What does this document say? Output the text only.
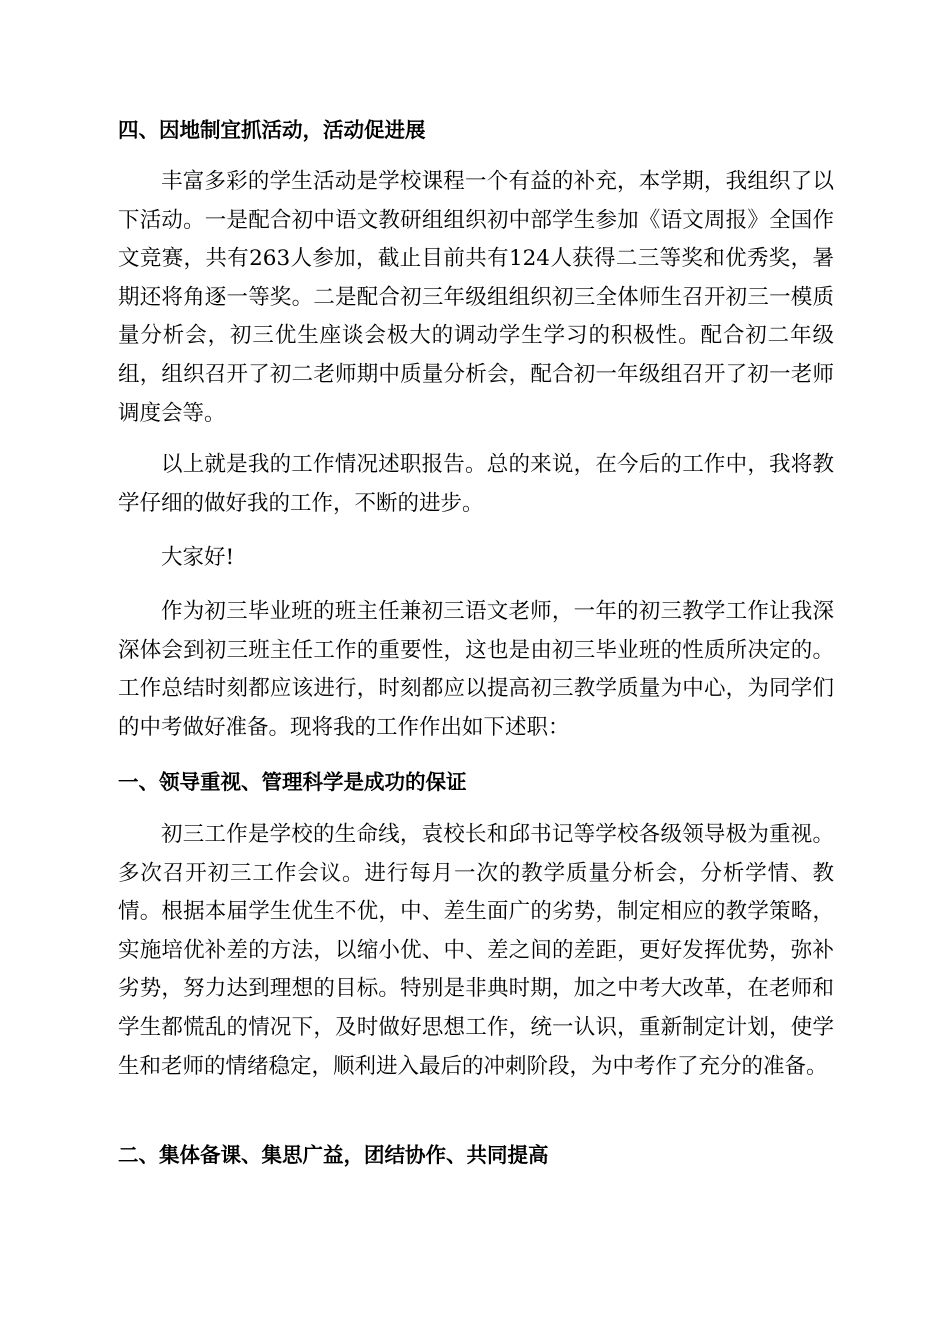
四、因地制宜抓活动，活动促进展

丰富多彩的学生活动是学校课程一个有益的补充，本学期，我组织了以下活动。一是配合初中语文教研组组织初中部学生参加《语文周报》全国作文竞赛，共有263人参加，截止目前共有124人获得二三等奖和优秀奖，暑期还将角逐一等奖。二是配合初三年级组组织初三全体师生召开初三一模质量分析会，初三优生座谈会极大的调动学生学习的积极性。配合初二年级组，组织召开了初二老师期中质量分析会，配合初一年级组召开了初一老师调度会等。

以上就是我的工作情况述职报告。总的来说，在今后的工作中，我将教学仔细的做好我的工作，不断的进步。

大家好!

作为初三毕业班的班主任兼初三语文老师，一年的初三教学工作让我深深体会到初三班主任工作的重要性，这也是由初三毕业班的性质所决定的。工作总结时刻都应该进行，时刻都应以提高初三教学质量为中心，为同学们的中考做好准备。现将我的工作作出如下述职：

一、领导重视、管理科学是成功的保证

初三工作是学校的生命线，袁校长和邱书记等学校各级领导极为重视。多次召开初三工作会议。进行每月一次的教学质量分析会，分析学情、教情。根据本届学生优生不优，中、差生面广的劣势，制定相应的教学策略，实施培优补差的方法，以缩小优、中、差之间的差距，更好发挥优势，弥补劣势，努力达到理想的目标。特别是非典时期，加之中考大改革，在老师和学生都慌乱的情况下，及时做好思想工作，统一认识，重新制定计划，使学生和老师的情绪稳定，顺利进入最后的冲刺阶段，为中考作了充分的准备。

二、集体备课、集思广益，团结协作、共同提高
